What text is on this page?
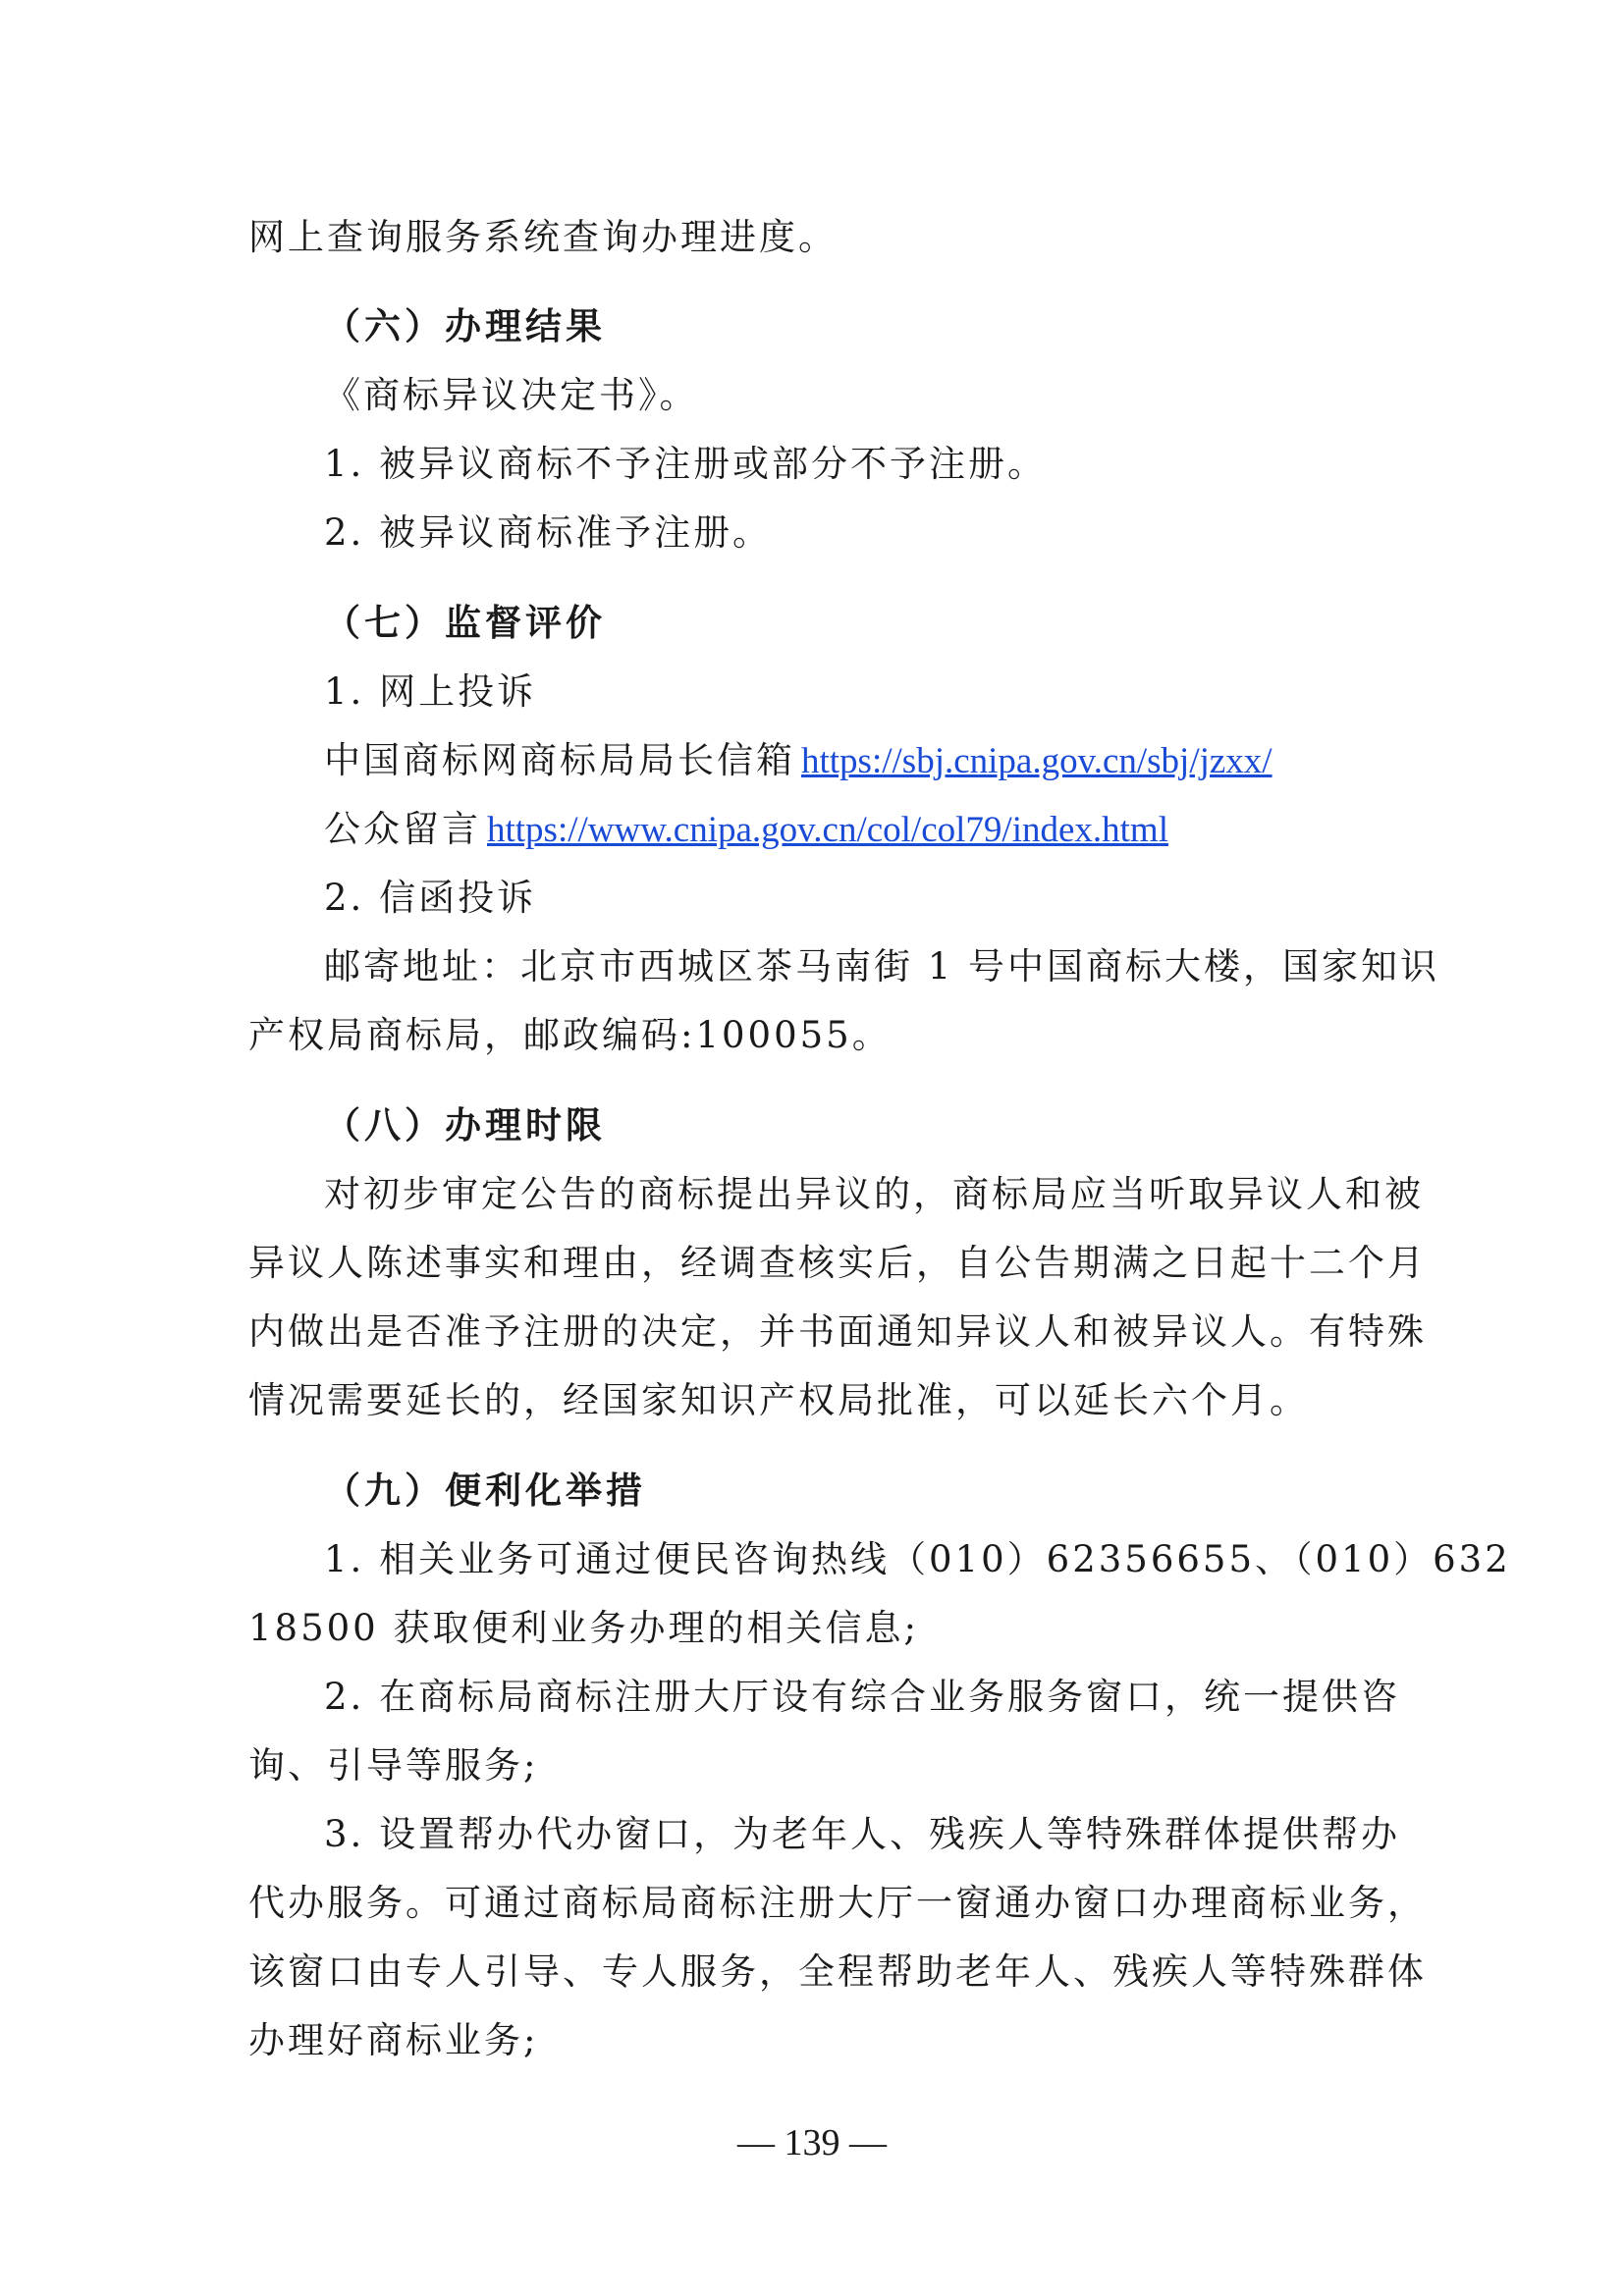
网上查询服务系统查询办理进度。
（六）办理结果
《商标异议决定书》。
1. 被异议商标不予注册或部分不予注册。
2. 被异议商标准予注册。
（七）监督评价
1. 网上投诉
中国商标网商标局局长信箱 https://sbj.cnipa.gov.cn/sbj/jzxx/
公众留言 https://www.cnipa.gov.cn/col/col79/index.html
2. 信函投诉
邮寄地址：北京市西城区茶马南街 1 号中国商标大楼，国家知识
产权局商标局，邮政编码:100055。
（八）办理时限
对初步审定公告的商标提出异议的，商标局应当听取异议人和被
异议人陈述事实和理由，经调查核实后，自公告期满之日起十二个月
内做出是否准予注册的决定，并书面通知异议人和被异议人。有特殊
情况需要延长的，经国家知识产权局批准，可以延长六个月。
（九）便利化举措
1. 相关业务可通过便民咨询热线（010）62356655、（010）632
18500 获取便利业务办理的相关信息;
2. 在商标局商标注册大厅设有综合业务服务窗口，统一提供咨
询、引导等服务;
3. 设置帮办代办窗口，为老年人、残疾人等特殊群体提供帮办
代办服务。可通过商标局商标注册大厅一窗通办窗口办理商标业务，
该窗口由专人引导、专人服务，全程帮助老年人、残疾人等特殊群体
办理好商标业务;
— 139 —
